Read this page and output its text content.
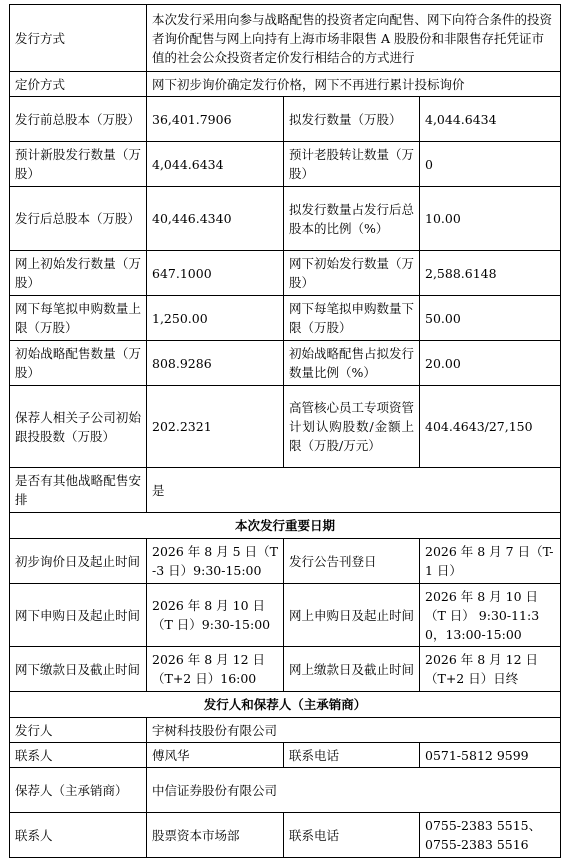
发行方式	本次发行采用向参与战略配售的投资者定向配售、网下向符合条件的投资者询价配售与网上向持有上海市场非限售 A 股股份和非限售存托凭证市值的社会公众投资者定价发行相结合的方式进行		
定价方式	网下初步询价确定发行价格，网下不再进行累计投标询价		
发行前总股本（万股）	36,401.7906	拟发行数量（万股）	4,044.6434
预计新股发行数量（万股）	4,044.6434	预计老股转让数量（万股）	0
发行后总股本（万股）	40,446.4340	拟发行数量占发行后总股本的比例（%）	10.00
网上初始发行数量（万股）	647.1000	网下初始发行数量（万股）	2,588.6148
网下每笔拟申购数量上限（万股）	1,250.00	网下每笔拟申购数量下限（万股）	50.00
初始战略配售数量（万股）	808.9286	初始战略配售占拟发行数量比例（%）	20.00
保荐人相关子公司初始跟投股数（万股）	202.2321	高管核心员工专项资管计划认购股数/金额上限（万股/万元）	404.4643/27,150
是否有其他战略配售安排	是		
本次发行重要日期			
初步询价日及起止时间	2026 年 8 月 5 日（T-3 日）9:30-15:00	发行公告刊登日	2026 年 8 月 7 日（T-1 日）
网下申购日及起止时间	2026 年 8 月 10 日（T 日）9:30-15:00	网上申购日及起止时间	2026 年 8 月 10 日（T 日） 9:30-11:30，13:00-15:00
网下缴款日及截止时间	2026 年 8 月 12 日（T+2 日）16:00	网上缴款日及截止时间	2026 年 8 月 12 日（T+2 日）日终
发行人和保荐人（主承销商）			
发行人	宇树科技股份有限公司		
联系人	傅风华	联系电话	0571-5812 9599
保荐人（主承销商）	中信证券股份有限公司		
联系人	股票资本市场部	联系电话	0755-2383 5515、
0755-2383 5516
